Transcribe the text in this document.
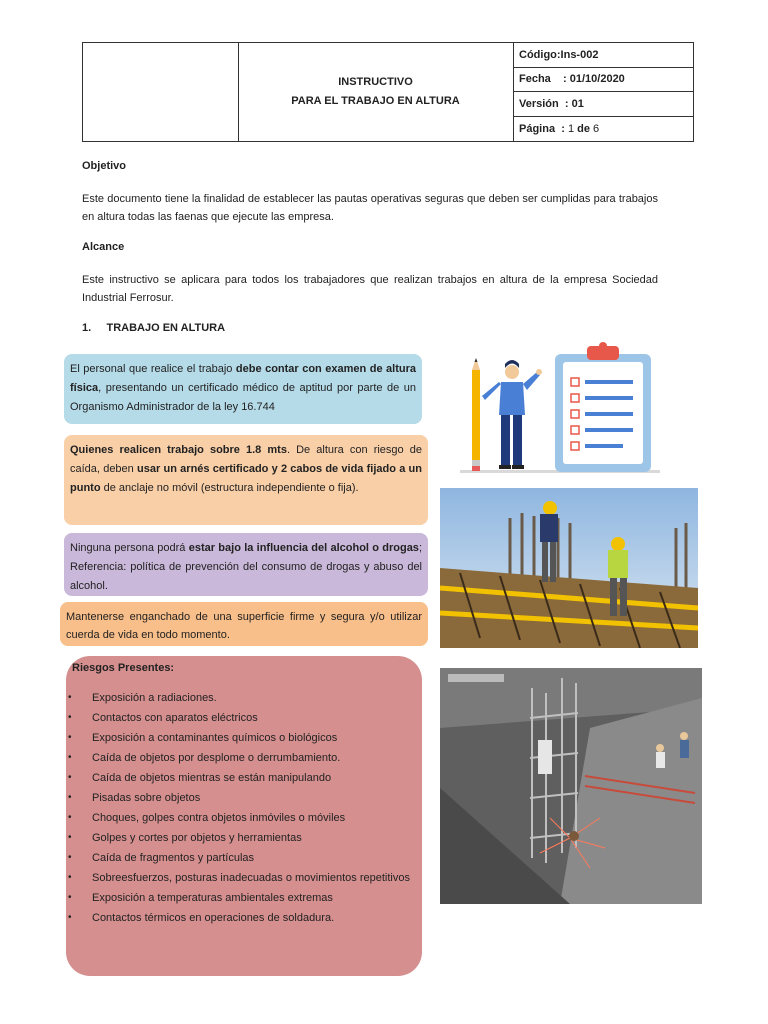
INSTRUCTIVO
PARA EL TRABAJO EN ALTURA
Código:Ins-002
Fecha
: 01/10/2020
Versión
: 01
Página
:
1
de
6
Objetivo
Este documento tiene la finalidad de establecer las pautas operativas seguras que deben ser cumplidas para trabajos en altura todas las faenas que ejecute las empresa.
Alcance
Este instructivo se aplicara para todos los trabajadores que realizan trabajos en altura de la empresa Sociedad Industrial Ferrosur.
1. TRABAJO EN ALTURA
El personal que realice el trabajo debe contar con examen de altura física, presentando un certificado médico de aptitud por parte de un Organismo Administrador de la ley 16.744
Quienes realicen trabajo sobre 1.8 mts. De altura con riesgo de caída, deben usar un arnés certificado y 2 cabos de vida fijado a un punto de anclaje no móvil (estructura independiente o fija).
Ninguna persona podrá estar bajo la influencia del alcohol o drogas; Referencia: política de prevención del consumo de drogas y abuso del alcohol.
Mantenerse enganchado de una superficie firme y segura y/o utilizar cuerda de vida en todo momento.
Riesgos Presentes:
• Exposición a radiaciones.
• Contactos con aparatos eléctricos
• Exposición a contaminantes químicos o biológicos
• Caída de objetos por desplome o derrumbamiento.
• Caída de objetos mientras se están manipulando
• Pisadas sobre objetos
• Choques, golpes contra objetos inmóviles o móviles
• Golpes y cortes por objetos y herramientas
• Caída de fragmentos y partículas
• Sobreesfuerzos, posturas inadecuadas o movimientos repetitivos
• Exposición a temperaturas ambientales extremas
• Contactos térmicos en operaciones de soldadura.
